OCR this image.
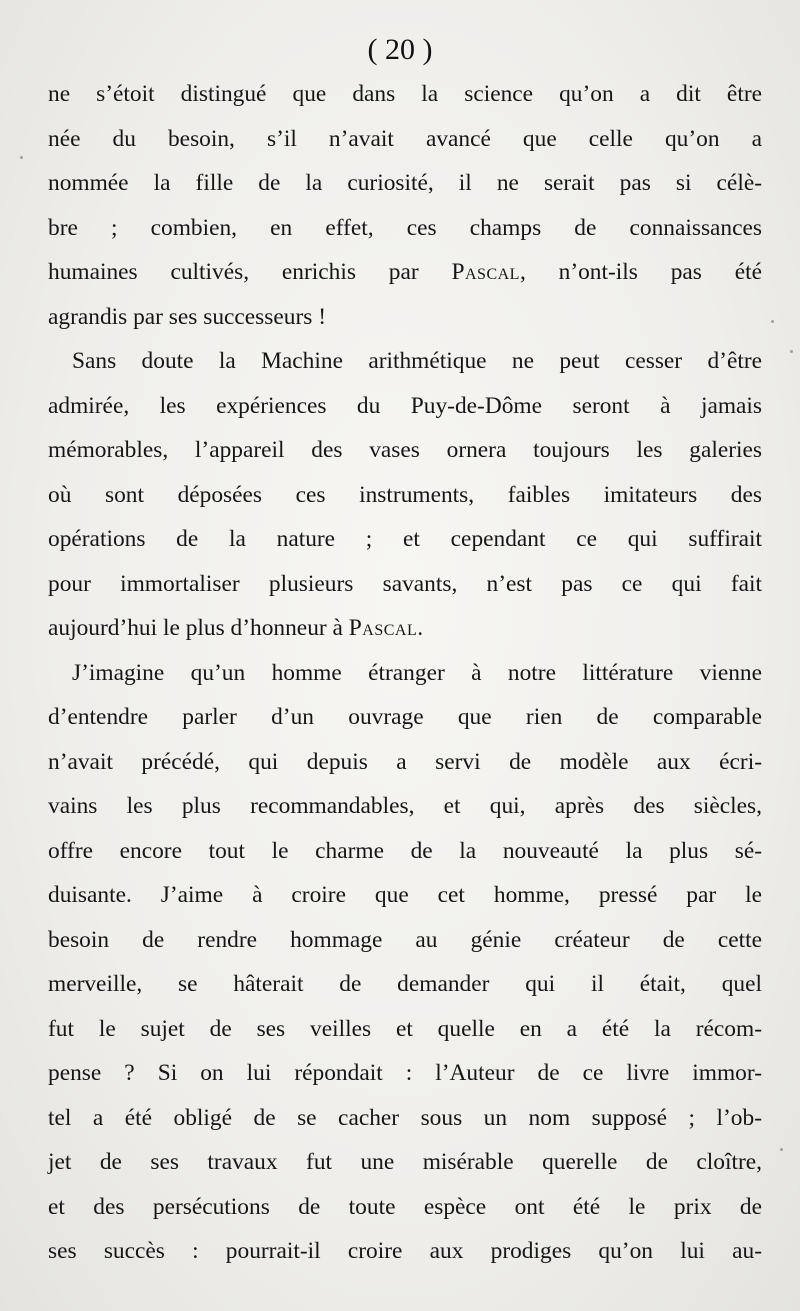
( 20 )
ne s’étoit distingué que dans la science qu’on a dit être
née du besoin, s’il n’avait avancé que celle qu’on a
nommée la fille de la curiosité, il ne serait pas si célè-
bre ; combien, en effet, ces champs de connaissances
humaines cultivés, enrichis par Pascal, n’ont-ils pas été
agrandis par ses successeurs !
Sans doute la Machine arithmétique ne peut cesser d’être
admirée, les expériences du Puy-de-Dôme seront à jamais
mémorables, l’appareil des vases ornera toujours les galeries
où sont déposées ces instruments, faibles imitateurs des
opérations de la nature ; et cependant ce qui suffirait
pour immortaliser plusieurs savants, n’est pas ce qui fait
aujourd’hui le plus d’honneur à Pascal.
J’imagine qu’un homme étranger à notre littérature vienne
d’entendre parler d’un ouvrage que rien de comparable
n’avait précédé, qui depuis a servi de modèle aux écri-
vains les plus recommandables, et qui, après des siècles,
offre encore tout le charme de la nouveauté la plus sé-
duisante. J’aime à croire que cet homme, pressé par le
besoin de rendre hommage au génie créateur de cette
merveille, se hâterait de demander qui il était, quel
fut le sujet de ses veilles et quelle en a été la récom-
pense ? Si on lui répondait : l’Auteur de ce livre immor-
tel a été obligé de se cacher sous un nom supposé ; l’ob-
jet de ses travaux fut une misérable querelle de cloître,
et des persécutions de toute espèce ont été le prix de
ses succès : pourrait-il croire aux prodiges qu’on lui au-
